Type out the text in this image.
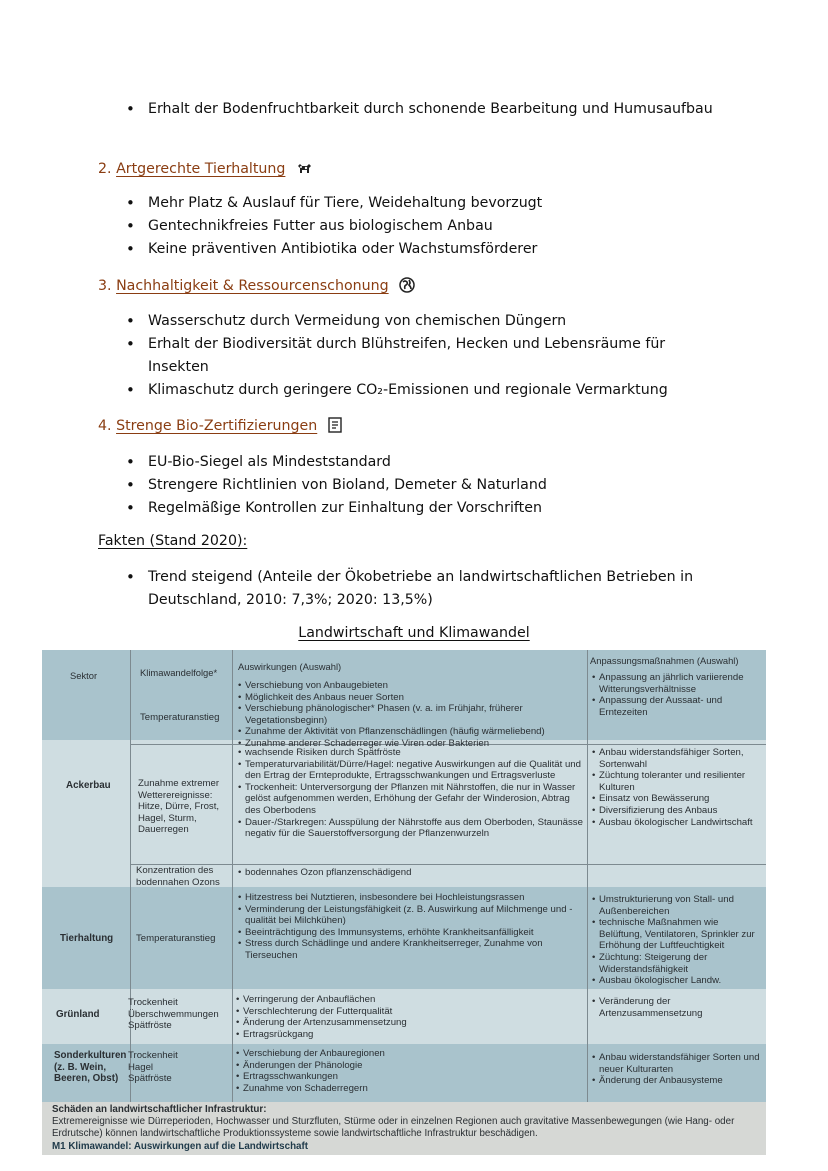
• Erhalt der Bodenfruchtbarkeit durch schonende Bearbeitung und Humusaufbau
2. Artgerechte Tierhaltung
• Mehr Platz & Auslauf für Tiere, Weidehaltung bevorzugt
• Gentechnikfreies Futter aus biologischem Anbau
• Keine präventiven Antibiotika oder Wachstumsförderer
3. Nachhaltigkeit & Ressourcenschonung
• Wasserschutz durch Vermeidung von chemischen Düngern
• Erhalt der Biodiversität durch Blühstreifen, Hecken und Lebensräume für Insekten
• Klimaschutz durch geringere CO₂-Emissionen und regionale Vermarktung
4. Strenge Bio-Zertifizierungen
• EU-Bio-Siegel als Mindeststandard
• Strengere Richtlinien von Bioland, Demeter & Naturland
• Regelmäßige Kontrollen zur Einhaltung der Vorschriften
Fakten (Stand 2020):
• Trend steigend (Anteile der Ökobetriebe an landwirtschaftlichen Betrieben in Deutschland, 2010: 7,3%; 2020: 13,5%)
Landwirtschaft und Klimawandel
Sektor	Klimawandelfolge*
Auswirkungen (Auswahl)
Anpassungsmaßnahmen (Auswahl)
Ackerbau
Temperaturanstieg
• Verschiebung von Anbaugebieten
• Möglichkeit des Anbaus neuer Sorten
• Verschiebung phänologischer* Phasen (v. a. im Frühjahr, früherer Vegetationsbeginn)
• Zunahme der Aktivität von Pflanzenschädlingen (häufig wärmeliebend)
• Zunahme anderer Schaderreger wie Viren oder Bakterien
• Anpassung an jährlich variierende Witterungsverhältnisse
• Anpassung der Aussaat- und Erntezeiten
Zunahme extremer Wetterereignisse: Hitze, Dürre, Frost, Hagel, Sturm, Dauerregen
• wachsende Risiken durch Spätfröste
• Temperaturvariabilität/Dürre/Hagel: negative Auswirkungen auf die Qualität und den Ertrag der Ernteprodukte, Ertragsschwankungen und Ertragsverluste
• Trockenheit: Unterversorgung der Pflanzen mit Nährstoffen, die nur in Wasser gelöst aufgenommen werden, Erhöhung der Gefahr der Winderosion, Abtrag des Oberbodens
• Dauer-/Starkregen: Ausspülung der Nährstoffe aus dem Oberboden, Staunässe negativ für die Sauerstoffversorgung der Pflanzenwurzeln
• Anbau widerstandsfähiger Sorten, Sortenwahl
• Züchtung toleranter und resilienter Kulturen
• Einsatz von Bewässerung
• Diversifizierung des Anbaus
• Ausbau ökologischer Landwirtschaft
Konzentration des bodennahen Ozons
• bodennahes Ozon pflanzenschädigend
Tierhaltung Temperaturanstieg
• Hitzestress bei Nutztieren, insbesondere bei Hochleistungsrassen
• Verminderung der Leistungsfähigkeit (z. B. Auswirkung auf Milchmenge und -qualität bei Milchkühen)
• Beeinträchtigung des Immunsystems, erhöhte Krankheitsanfälligkeit
• Stress durch Schädlinge und andere Krankheitserreger, Zunahme von Tierseuchen
• Umstrukturierung von Stall- und Außenbereichen
• technische Maßnahmen wie Belüftung, Ventilatoren, Sprinkler zur Erhöhung der Luftfeuchtigkeit
• Züchtung: Steigerung der Widerstandsfähigkeit
• Ausbau ökologischer Landw.
Grünland
Trockenheit Überschwemmungen Spätfröste
• Verringerung der Anbauflächen
• Verschlechterung der Futterqualität
• Änderung der Artenzusammensetzung
• Ertragsrückgang
• Veränderung der Artenzusammensetzung
Sonderkulturen (z. B. Wein, Beeren, Obst)
Trockenheit Hagel Spätfröste
• Verschiebung der Anbauregionen
• Änderungen der Phänologie
• Ertragsschwankungen
• Zunahme von Schaderregern
• Anbau widerstandsfähiger Sorten und neuer Kulturarten
• Änderung der Anbausysteme
Schäden an landwirtschaftlicher Infrastruktur:
Extremereignisse wie Dürreperioden, Hochwasser und Sturzfluten, Stürme oder in einzelnen Regionen auch gravitative Massenbewegungen (wie Hang- oder Erdrutsche) können landwirtschaftliche Produktionssysteme sowie landwirtschaftliche Infrastruktur beschädigen.
M1 Klimawandel: Auswirkungen auf die Landwirtschaft
